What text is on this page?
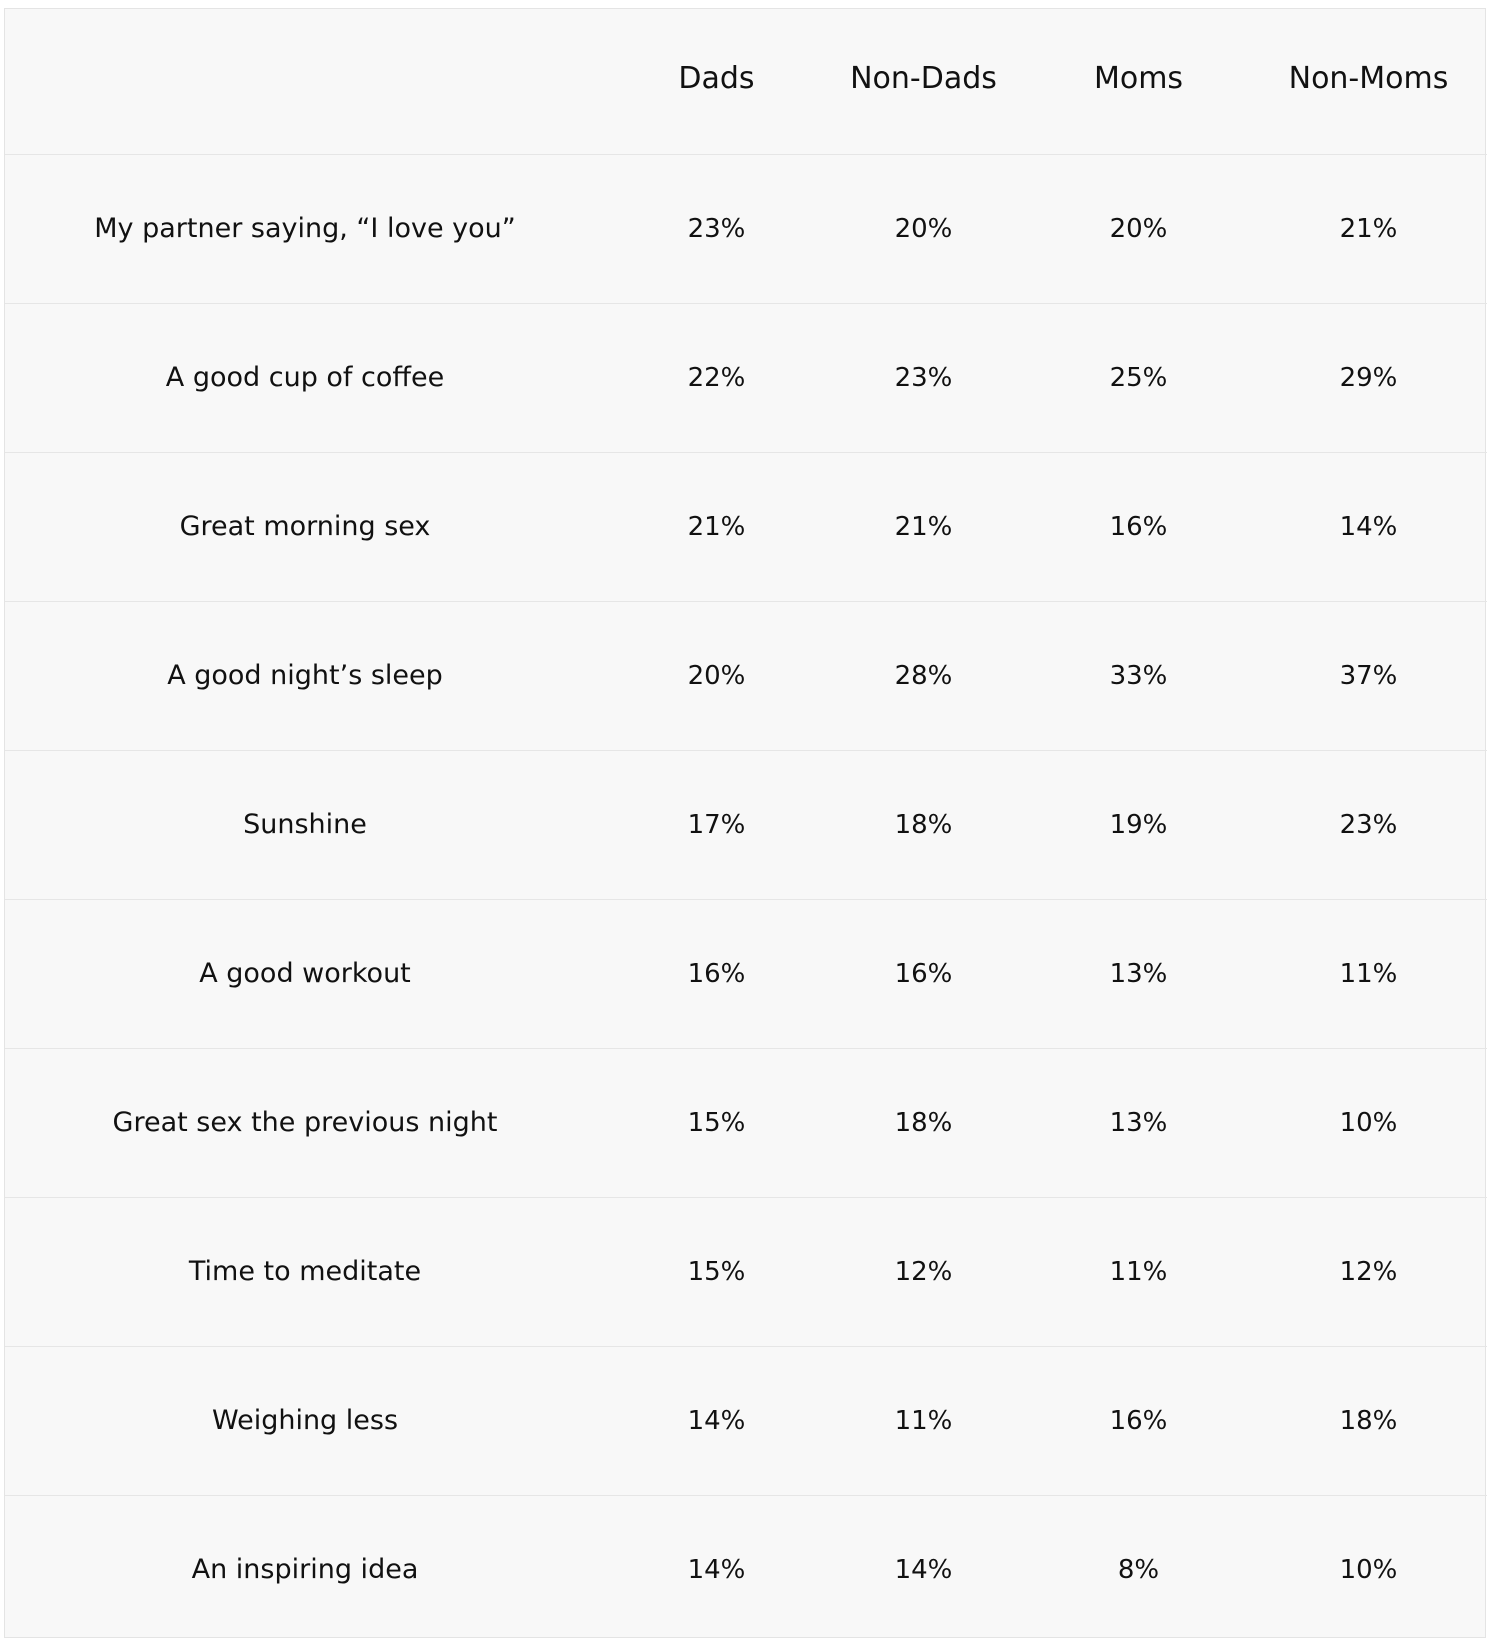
	Dads	Non-Dads	Moms	Non-Moms
My partner saying, “I love you”	23%	20%	20%	21%
A good cup of coffee	22%	23%	25%	29%
Great morning sex	21%	21%	16%	14%
A good night’s sleep	20%	28%	33%	37%
Sunshine	17%	18%	19%	23%
A good workout	16%	16%	13%	11%
Great sex the previous night	15%	18%	13%	10%
Time to meditate	15%	12%	11%	12%
Weighing less	14%	11%	16%	18%
An inspiring idea	14%	14%	8%	10%
